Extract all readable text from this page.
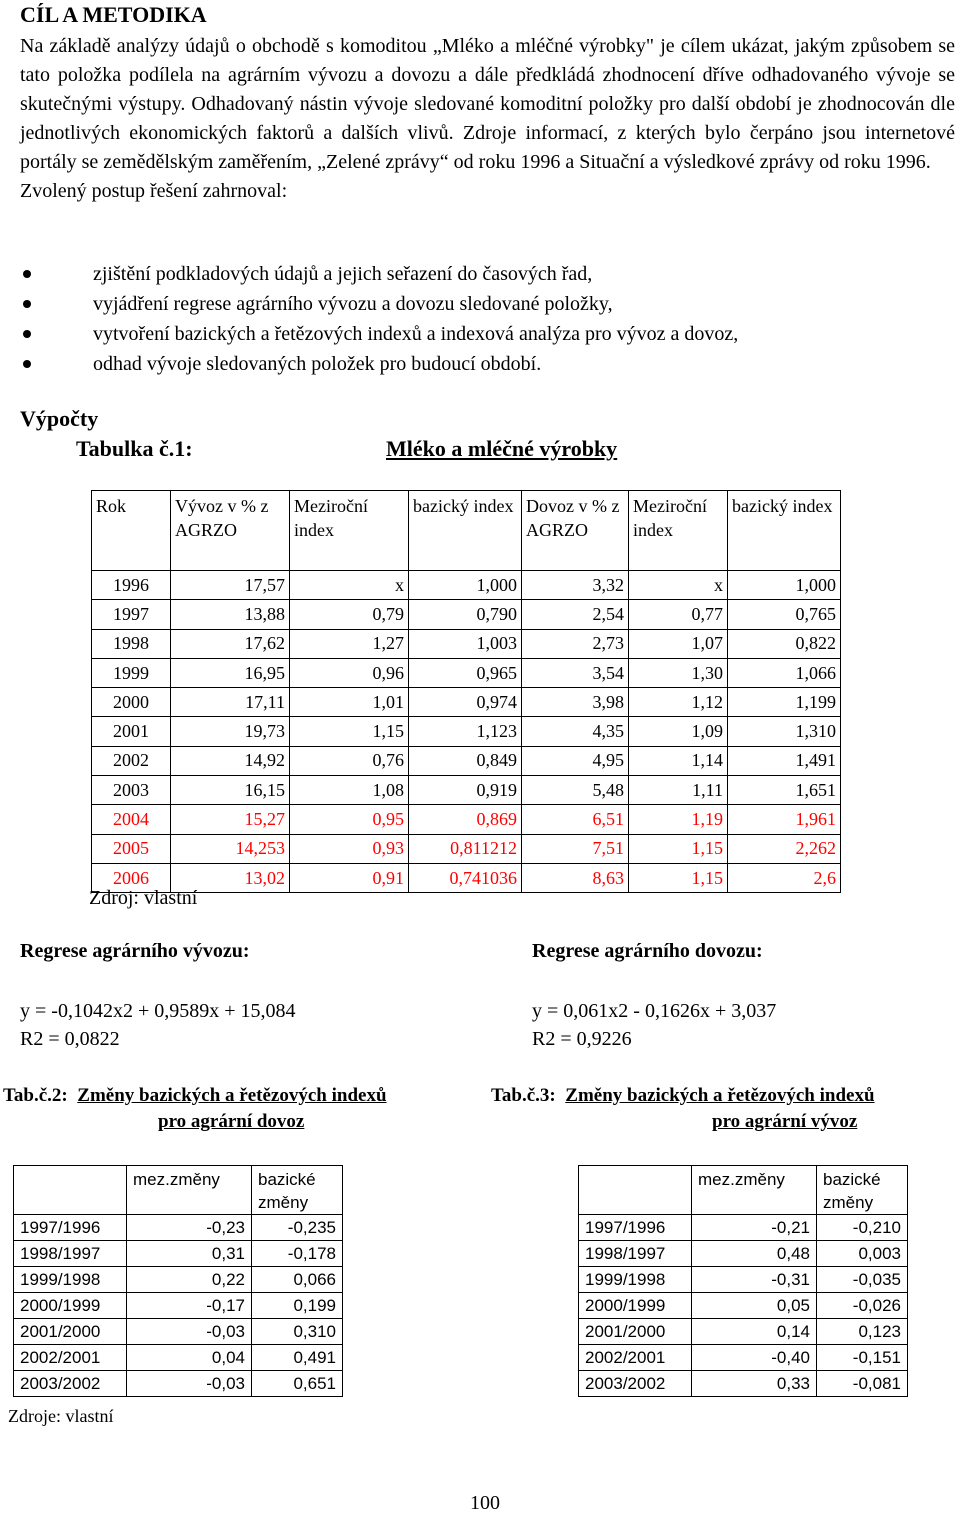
CÍL A METODIKA

Na základě analýzy údajů o obchodě s komoditou „Mléko a mléčné výrobky" je cílem ukázat, jakým způsobem se tato položka podílela na agrárním vývozu a dovozu a dále předkládá zhodnocení dříve odhadovaného vývoje se skutečnými výstupy. Odhadovaný nástin vývoje sledované komoditní položky pro další období je zhodnocován dle jednotlivých ekonomických faktorů a dalších vlivů. Zdroje informací, z kterých bylo čerpáno jsou internetové portály se zemědělským zaměřením, „Zelené zprávy“ od roku 1996 a Situační a výsledkové zprávy od roku 1996.

Zvolený postup řešení zahrnoval:

zjištění podkladových údajů a jejich seřazení do časových řad,
vyjádření regrese agrárního vývozu a dovozu sledované položky,
vytvoření bazických a řetězových indexů a indexová analýza pro vývoz a dovoz,
odhad vývoje sledovaných položek pro budoucí období.
Výpočty
Tabulka č.1:	Mléko a mléčné výrobky
Rok	Vývoz v % z AGRZO	Meziroční index	bazický index	Dovoz v % z AGRZO	Meziroční index	bazický index
1996	17,57	x	1,000	3,32	x	1,000
1997	13,88	0,79	0,790	2,54	0,77	0,765
1998	17,62	1,27	1,003	2,73	1,07	0,822
1999	16,95	0,96	0,965	3,54	1,30	1,066
2000	17,11	1,01	0,974	3,98	1,12	1,199
2001	19,73	1,15	1,123	4,35	1,09	1,310
2002	14,92	0,76	0,849	4,95	1,14	1,491
2003	16,15	1,08	0,919	5,48	1,11	1,651
2004	15,27	0,95	0,869	6,51	1,19	1,961
2005	14,253	0,93	0,811212	7,51	1,15	2,262
2006	13,02	0,91	0,741036	8,63	1,15	2,6
Zdroj: vlastní
Regrese agrárního vývozu:	Regrese agrárního dovozu:
y = -0,1042x2 + 0,9589x + 15,084
R2 = 0,0822
y = 0,061x2 - 0,1626x + 3,037
R2 = 0,9226
Tab.č.2: Změny bazických a řetězových indexů
pro agrární dovoz
Tab.č.3: Změny bazických a řetězových indexů
pro agrární vývoz
	mez.změny	bazické změny
1997/1996	-0,23	-0,235
1998/1997	0,31	-0,178
1999/1998	0,22	0,066
2000/1999	-0,17	0,199
2001/2000	-0,03	0,310
2002/2001	0,04	0,491
2003/2002	-0,03	0,651
	mez.změny	bazické změny
1997/1996	-0,21	-0,210
1998/1997	0,48	0,003
1999/1998	-0,31	-0,035
2000/1999	0,05	-0,026
2001/2000	0,14	0,123
2002/2001	-0,40	-0,151
2003/2002	0,33	-0,081
Zdroje: vlastní
100
